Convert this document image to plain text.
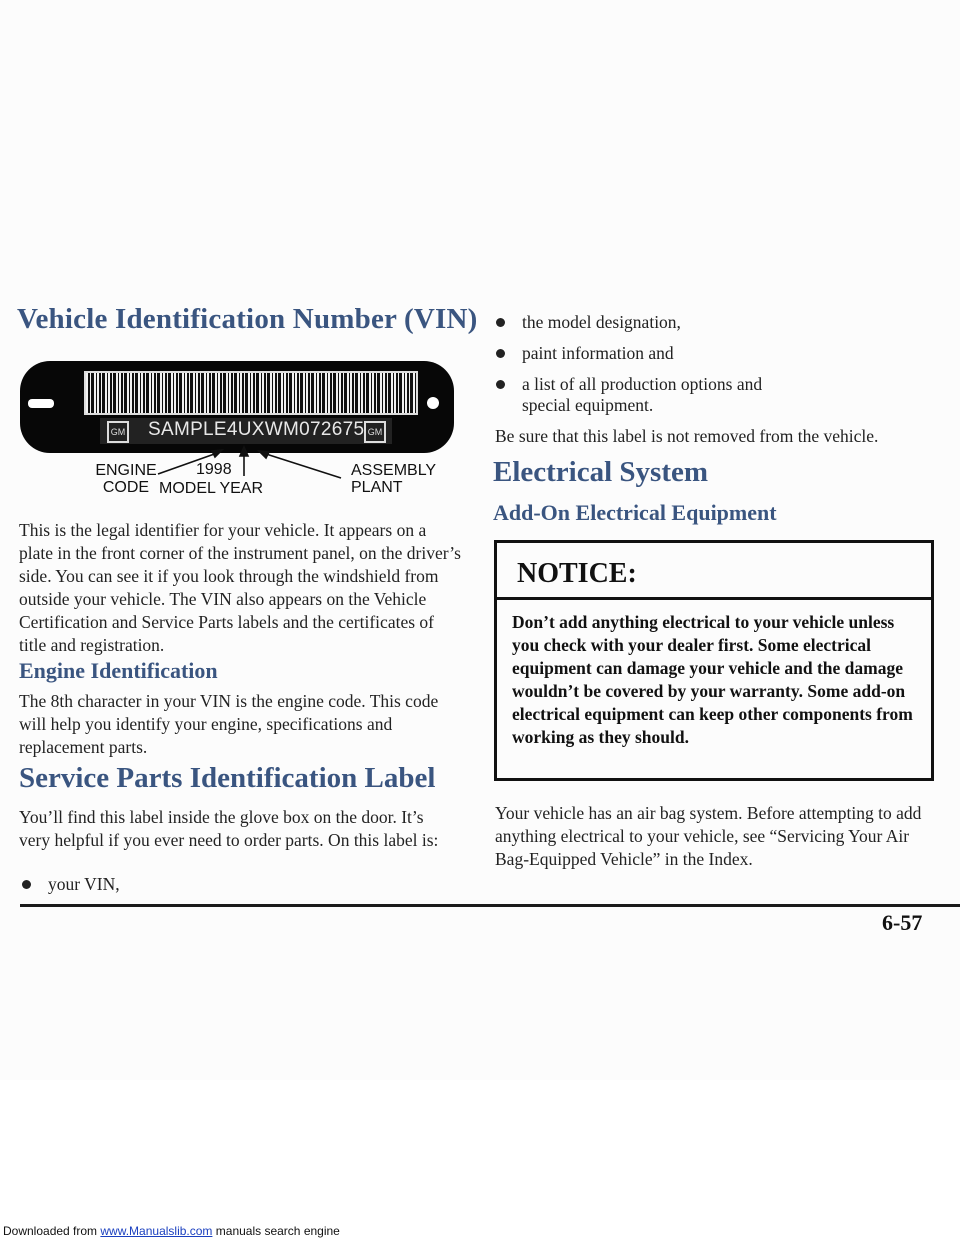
Vehicle Identification Number (VIN)
GM	GM
SAMPLE4UXWM072675
ENGINE
CODE
1998
MODEL YEAR
ASSEMBLY
PLANT

This is the legal identifier for your vehicle. It appears on a plate in the front corner of the instrument panel, on the driver’s side. You can see it if you look through the windshield from outside your vehicle. The VIN also appears on the Vehicle Certification and Service Parts labels and the certificates of title and registration.

Engine Identification

The 8th character in your VIN is the engine code. This code will help you identify your engine, specifications and replacement parts.

Service Parts Identification Label

You’ll find this label inside the glove box on the door. It’s very helpful if you ever need to order parts. On this label is:

your VIN,
the model designation,
paint information and
a list of all production options and
special equipment.

Be sure that this label is not removed from the vehicle.

Electrical System
Add-On Electrical Equipment
NOTICE:

Don’t add anything electrical to your vehicle unless you check with your dealer first. Some electrical equipment can damage your vehicle and the damage wouldn’t be covered by your warranty. Some add-on electrical equipment can keep other components from working as they should.

Your vehicle has an air bag system. Before attempting to add anything electrical to your vehicle, see “Servicing Your Air Bag-Equipped Vehicle” in the Index.

6-57
Downloaded from www.Manualslib.com manuals search engine
